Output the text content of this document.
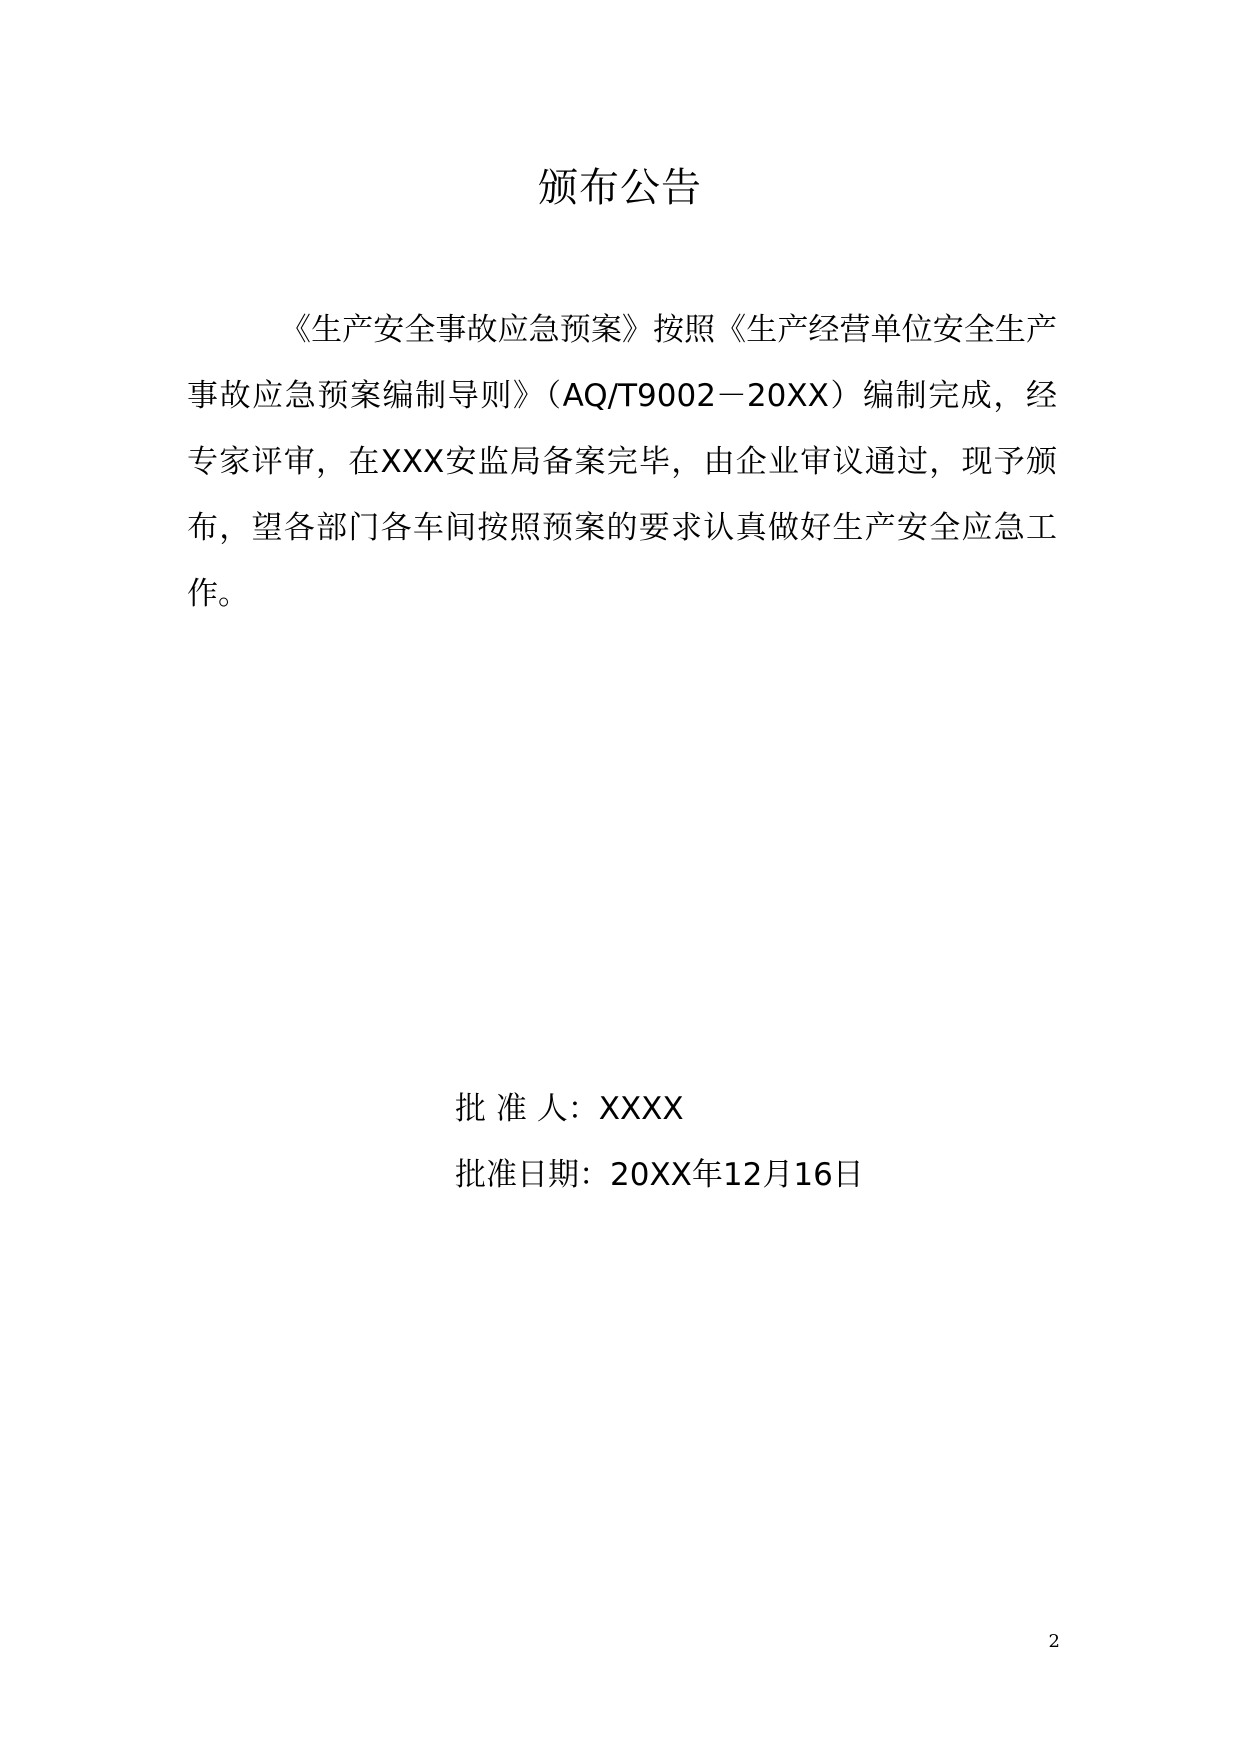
颁布公告

《生产安全事故应急预案》按照《生产经营单位安全生产事故应急预案编制导则》（AQ/T9002－20XX）编制完成，经专家评审，在XXX安监局备案完毕，由企业审议通过，现予颁布，望各部门各车间按照预案的要求认真做好生产安全应急工作。

批 准 人：XXXX
批准日期：20XX年12月16日
2
